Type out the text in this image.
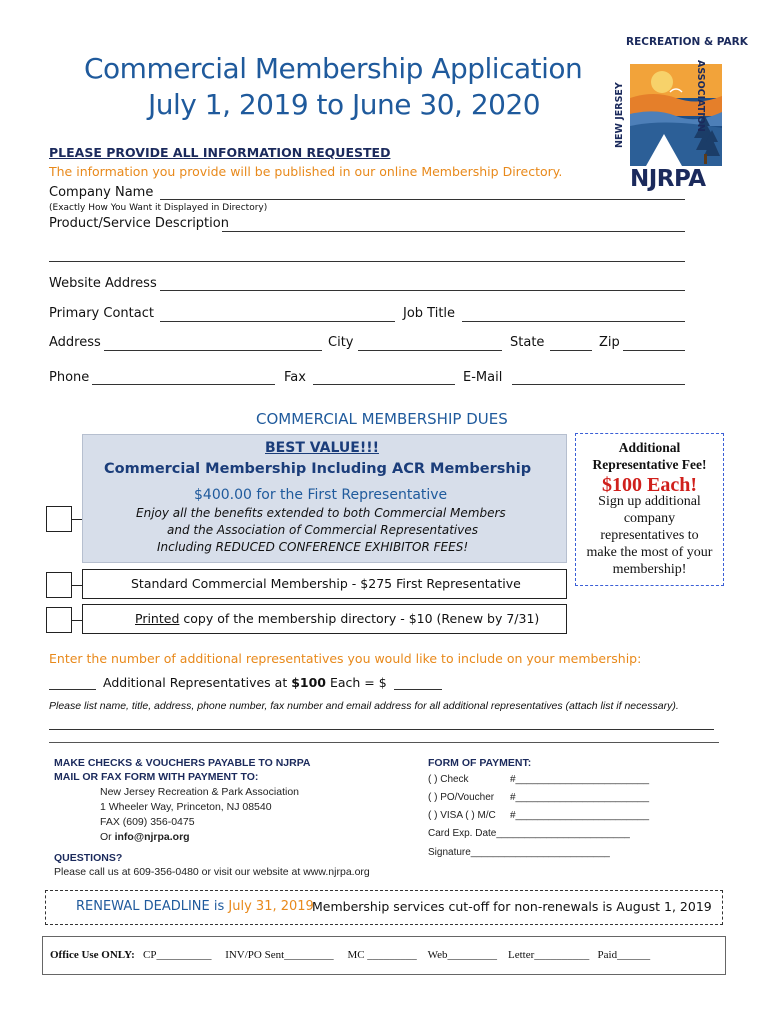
Commercial Membership Application
July 1, 2019 to June 30, 2020
RECREATION & PARK
ASSOCIATION
NEW JERSEY
NJRPA
PLEASE PROVIDE ALL INFORMATION REQUESTED
The information you provide will be published in our online Membership Directory.
Company Name
(Exactly How You Want it Displayed in Directory)
Product/Service Description
Website Address
Primary Contact	Job Title
Address	City	State	Zip
Phone	Fax	E-Mail
COMMERCIAL MEMBERSHIP DUES
BEST VALUE!!!
Commercial Membership Including ACR Membership
$400.00 for the First Representative
Enjoy all the benefits extended to both Commercial Members
and the Association of Commercial Representatives
Including REDUCED CONFERENCE EXHIBITOR FEES!
Standard Commercial Membership - $275 First Representative
Printed copy of the membership directory - $10 (Renew by 7/31)
Additional
Representative Fee!
$100 Each!
Sign up additional
company
representatives to
make the most of your
membership!
Enter the number of additional representatives you would like to include on your membership:
Additional Representatives at $100 Each = $
Please list name, title, address, phone number, fax number and email address for all additional representatives (attach list if necessary).
MAKE CHECKS & VOUCHERS PAYABLE TO NJRPA
MAIL OR FAX FORM WITH PAYMENT TO:
New Jersey Recreation & Park Association
1 Wheeler Way, Princeton, NJ 08540
FAX (609) 356-0475
Or info@njrpa.org
QUESTIONS?
Please call us at 609-356-0480 or visit our website at www.njrpa.org
FORM OF PAYMENT:
( ) Check	#________________________
( ) PO/Voucher #________________________
( ) VISA ( ) M/C #________________________
Card Exp. Date________________________
Signature_________________________
RENEWAL DEADLINE is July 31, 2019
Membership services cut-off for non-renewals is August 1, 2019
Office Use ONLY: CP__________ INV/PO Sent_________ MC _________ Web_________ Letter__________ Paid______
